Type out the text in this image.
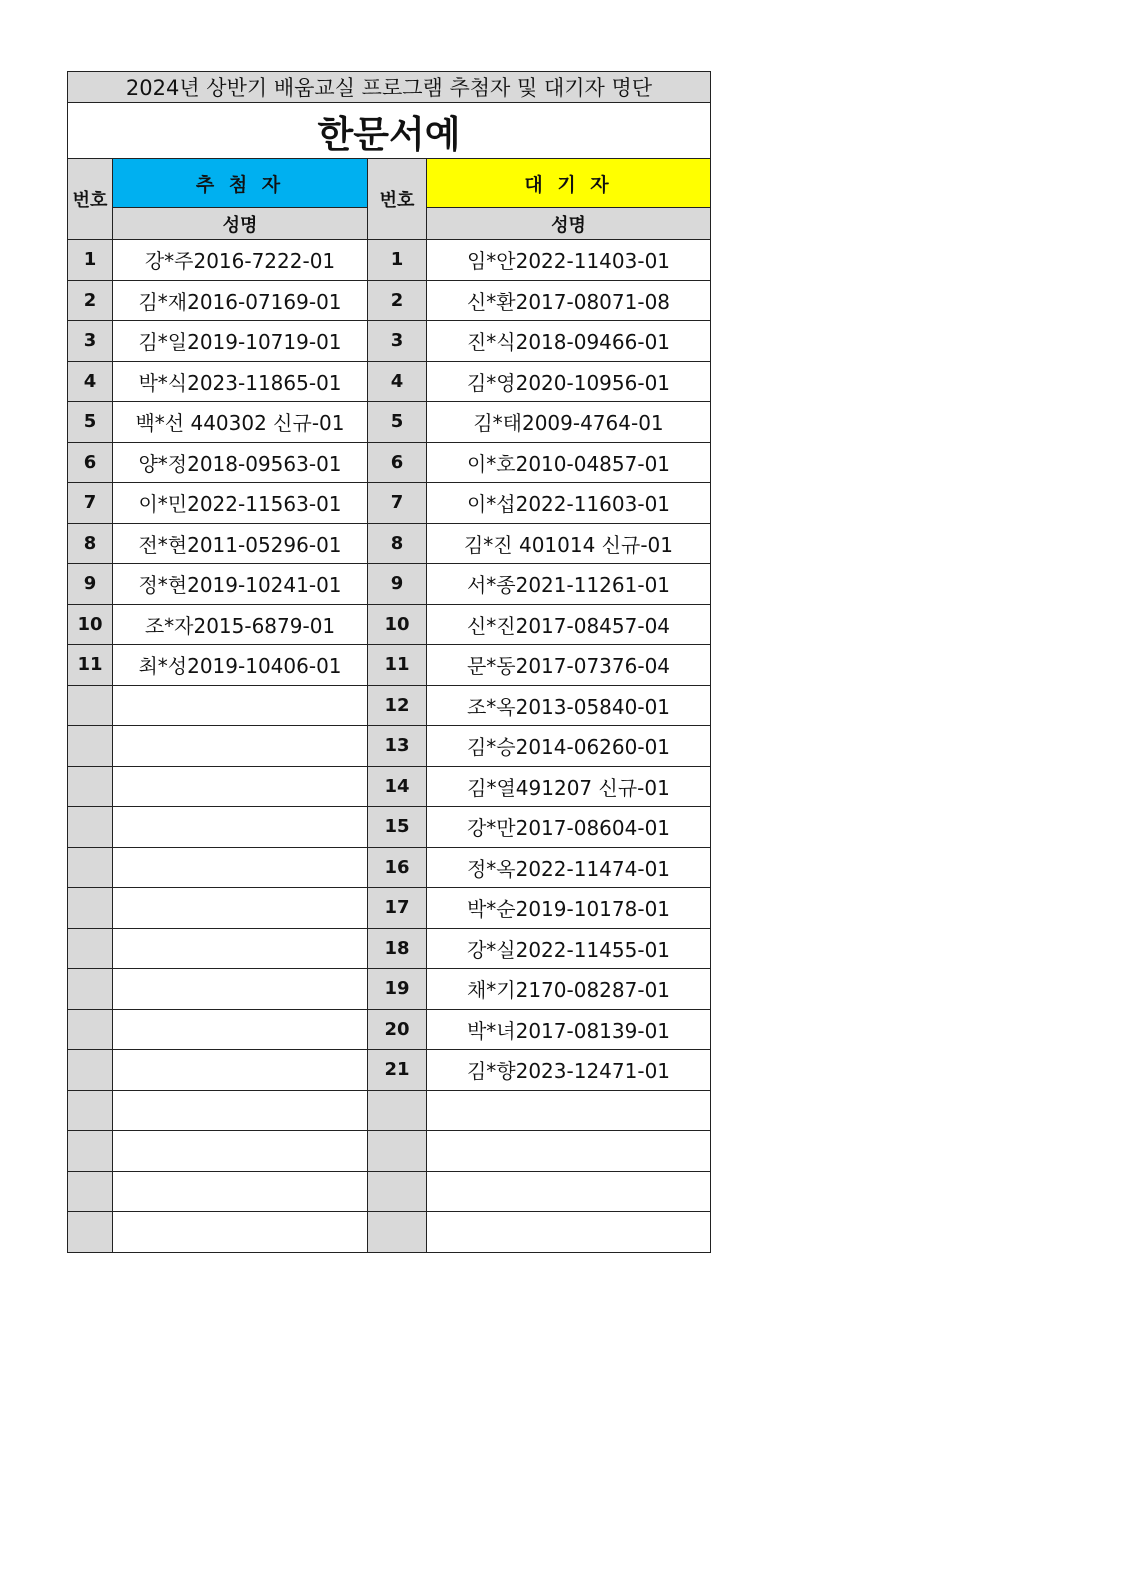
2024년 상반기 배움교실 프로그램 추첨자 및 대기자 명단			
한문서예			
번호	추 첨 자	번호	대 기 자
	성명		성명
1	강*주2016-7222-01	1	임*안2022-11403-01
2	김*재2016-07169-01	2	신*환2017-08071-08
3	김*일2019-10719-01	3	진*식2018-09466-01
4	박*식2023-11865-01	4	김*영2020-10956-01
5	백*선 440302 신규-01	5	김*태2009-4764-01
6	양*정2018-09563-01	6	이*호2010-04857-01
7	이*민2022-11563-01	7	이*섭2022-11603-01
8	전*현2011-05296-01	8	김*진 401014 신규-01
9	정*현2019-10241-01	9	서*종2021-11261-01
10	조*자2015-6879-01	10	신*진2017-08457-04
11	최*성2019-10406-01	11	문*동2017-07376-04
		12	조*옥2013-05840-01
		13	김*승2014-06260-01
		14	김*열491207 신규-01
		15	강*만2017-08604-01
		16	정*옥2022-11474-01
		17	박*순2019-10178-01
		18	강*실2022-11455-01
		19	채*기2170-08287-01
		20	박*녀2017-08139-01
		21	김*향2023-12471-01
